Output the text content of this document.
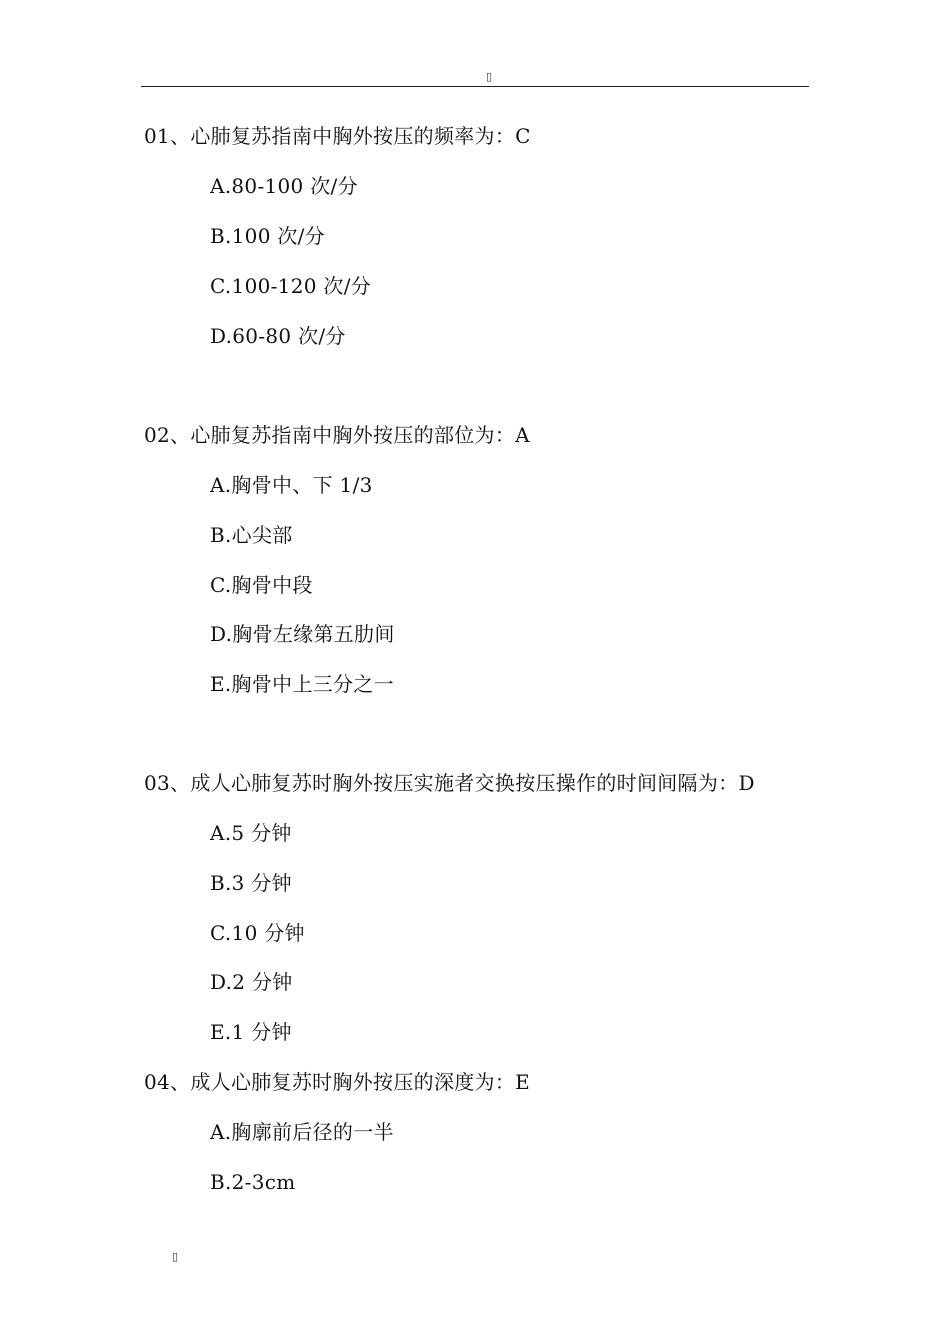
▯
01、心肺复苏指南中胸外按压的频率为：C
A.80-100 次/分
B.100 次/分
C.100-120 次/分
D.60-80 次/分
02、心肺复苏指南中胸外按压的部位为：A
A.胸骨中、下 1/3
B.心尖部
C.胸骨中段
D.胸骨左缘第五肋间
E.胸骨中上三分之一
03、成人心肺复苏时胸外按压实施者交换按压操作的时间间隔为：D
A.5 分钟
B.3 分钟
C.10 分钟
D.2 分钟
E.1 分钟
04、成人心肺复苏时胸外按压的深度为：E
A.胸廓前后径的一半
B.2-3cm
▯
